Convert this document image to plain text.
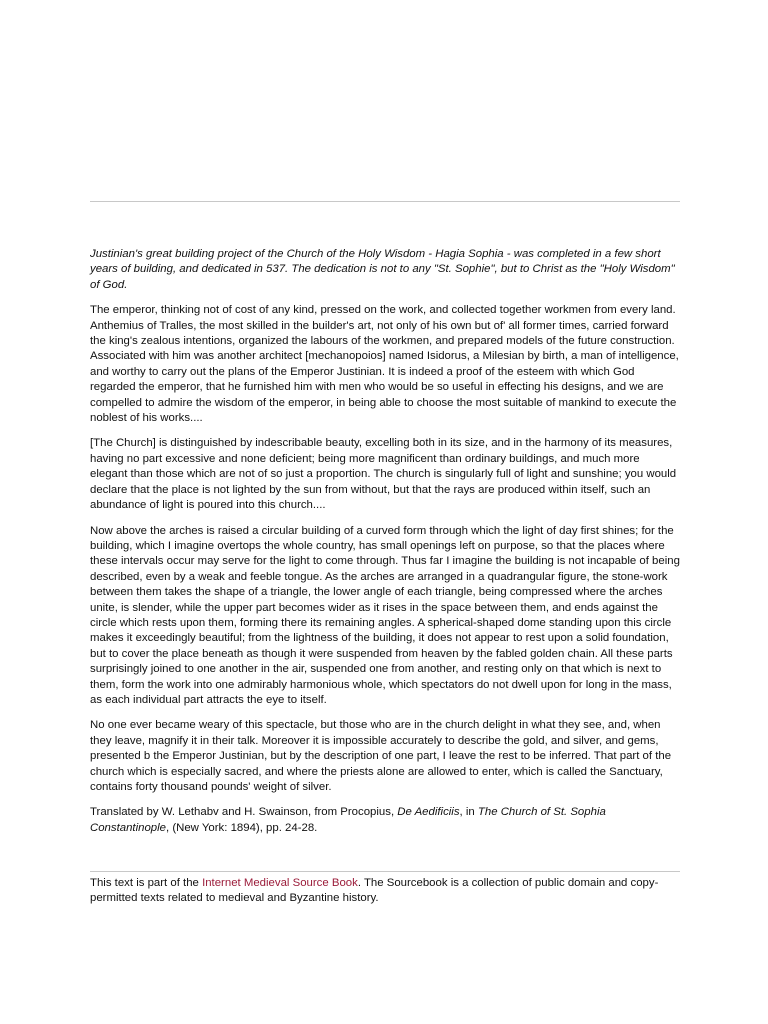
Justinian's great building project of the Church of the Holy Wisdom - Hagia Sophia - was completed in a few short years of building, and dedicated in 537. The dedication is not to any "St. Sophie", but to Christ as the "Holy Wisdom" of God.

The emperor, thinking not of cost of any kind, pressed on the work, and collected together workmen from every land. Anthemius of Tralles, the most skilled in the builder's art, not only of his own but of' all former times, carried forward the king's zealous intentions, organized the labours of the workmen, and prepared models of the future construction. Associated with him was another architect [mechanopoios] named Isidorus, a Milesian by birth, a man of intelligence, and worthy to carry out the plans of the Emperor Justinian. It is indeed a proof of the esteem with which God regarded the emperor, that he furnished him with men who would be so useful in effecting his designs, and we are compelled to admire the wisdom of the emperor, in being able to choose the most suitable of mankind to execute the noblest of his works....

[The Church] is distinguished by indescribable beauty, excelling both in its size, and in the harmony of its measures, having no part excessive and none deficient; being more magnificent than ordinary buildings, and much more elegant than those which are not of so just a proportion. The church is singularly full of light and sunshine; you would declare that the place is not lighted by the sun from without, but that the rays are produced within itself, such an abundance of light is poured into this church....

Now above the arches is raised a circular building of a curved form through which the light of day first shines; for the building, which I imagine overtops the whole country, has small openings left on purpose, so that the places where these intervals occur may serve for the light to come through. Thus far I imagine the building is not incapable of being described, even by a weak and feeble tongue. As the arches are arranged in a quadrangular figure, the stone-work between them takes the shape of a triangle, the lower angle of each triangle, being compressed where the arches unite, is slender, while the upper part becomes wider as it rises in the space between them, and ends against the circle which rests upon them, forming there its remaining angles. A spherical-shaped dome standing upon this circle makes it exceedingly beautiful; from the lightness of the building, it does not appear to rest upon a solid foundation, but to cover the place beneath as though it were suspended from heaven by the fabled golden chain. All these parts surprisingly joined to one another in the air, suspended one from another, and resting only on that which is next to them, form the work into one admirably harmonious whole, which spectators do not dwell upon for long in the mass, as each individual part attracts the eye to itself.

No one ever became weary of this spectacle, but those who are in the church delight in what they see, and, when they leave, magnify it in their talk. Moreover it is impossible accurately to describe the gold, and silver, and gems, presented b the Emperor Justinian, but by the description of one part, I leave the rest to be inferred. That part of the church which is especially sacred, and where the priests alone are allowed to enter, which is called the Sanctuary, contains forty thousand pounds' weight of silver.

Translated by W. Lethabv and H. Swainson, from Procopius, De Aedificiis, in The Church of St. Sophia Constantinople, (New York: 1894), pp. 24-28.

This text is part of the Internet Medieval Source Book. The Sourcebook is a collection of public domain and copy-permitted texts related to medieval and Byzantine history.
